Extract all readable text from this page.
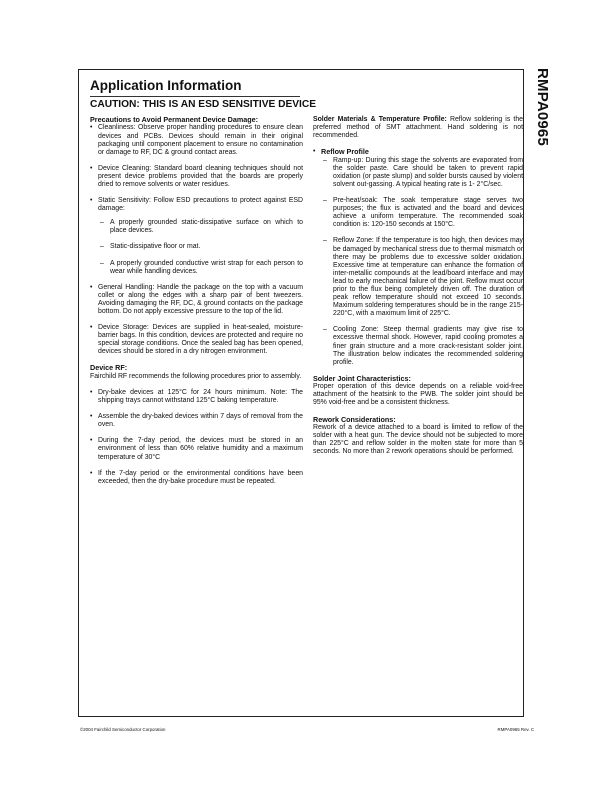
RMPA0965
Application Information
CAUTION: THIS IS AN ESD SENSITIVE DEVICE
Precautions to Avoid Permanent Device Damage:
• Cleanliness: Observe proper handling procedures to ensure clean devices and PCBs. Devices should remain in their original packaging until component placement to ensure no contamination or damage to RF, DC & ground contact areas.
• Device Cleaning: Standard board cleaning techniques should not present device problems provided that the boards are properly dried to remove solvents or water residues.
• Static Sensitivity: Follow ESD precautions to protect against ESD damage:
– A properly grounded static-dissipative surface on which to place devices.
– Static-dissipative floor or mat.
– A properly grounded conductive wrist strap for each person to wear while handling devices.
• General Handling: Handle the package on the top with a vacuum collet or along the edges with a sharp pair of bent tweezers. Avoiding damaging the RF, DC, & ground contacts on the package bottom. Do not apply excessive pressure to the top of the lid.
• Device Storage: Devices are supplied in heat-sealed, moisture-barrier bags. In this condition, devices are protected and require no special storage conditions. Once the sealed bag has been opened, devices should be stored in a dry nitrogen environment.
Device RF:

Fairchild RF recommends the following procedures prior to assembly.

• Dry-bake devices at 125°C for 24 hours minimum. Note: The shipping trays cannot withstand 125°C baking temperature.
• Assemble the dry-baked devices within 7 days of removal from the oven.
• During the 7-day period, the devices must be stored in an environment of less than 60% relative humidity and a maximum temperature of 30°C
• If the 7-day period or the environmental conditions have been exceeded, then the dry-bake procedure must be repeated.

Solder Materials & Temperature Profile: Reflow soldering is the preferred method of SMT attachment. Hand soldering is not recommended.

• Reflow Profile
– Ramp-up: During this stage the solvents are evaporated from the solder paste. Care should be taken to prevent rapid oxidation (or paste slump) and solder bursts caused by violent solvent out-gassing. A typical heating rate is 1- 2°C/sec.
– Pre-heat/soak: The soak temperature stage serves two purposes; the flux is activated and the board and devices achieve a uniform temperature. The recommended soak condition is: 120-150 seconds at 150°C.
– Reflow Zone: If the temperature is too high, then devices may be damaged by mechanical stress due to thermal mismatch or there may be problems due to excessive solder oxidation. Excessive time at temperature can enhance the formation of inter-metallic compounds at the lead/board interface and may lead to early mechanical failure of the joint. Reflow must occur prior to the flux being completely driven off. The duration of peak reflow temperature should not exceed 10 seconds. Maximum soldering temperatures should be in the range 215-220°C, with a maximum limit of 225°C.
– Cooling Zone: Steep thermal gradients may give rise to excessive thermal shock. However, rapid cooling promotes a finer grain structure and a more crack-resistant solder joint. The illustration below indicates the recommended soldering profile.
Solder Joint Characteristics:

Proper operation of this device depends on a reliable void-free attachment of the heatsink to the PWB. The solder joint should be 95% void-free and be a consistent thickness.

Rework Considerations:

Rework of a device attached to a board is limited to reflow of the solder with a heat gun. The device should not be subjected to more than 225°C and reflow solder in the molten state for more than 5 seconds. No more than 2 rework operations should be performed.

©2004 Fairchild Semiconductor Corporation	RMPA0965 Rev. C
